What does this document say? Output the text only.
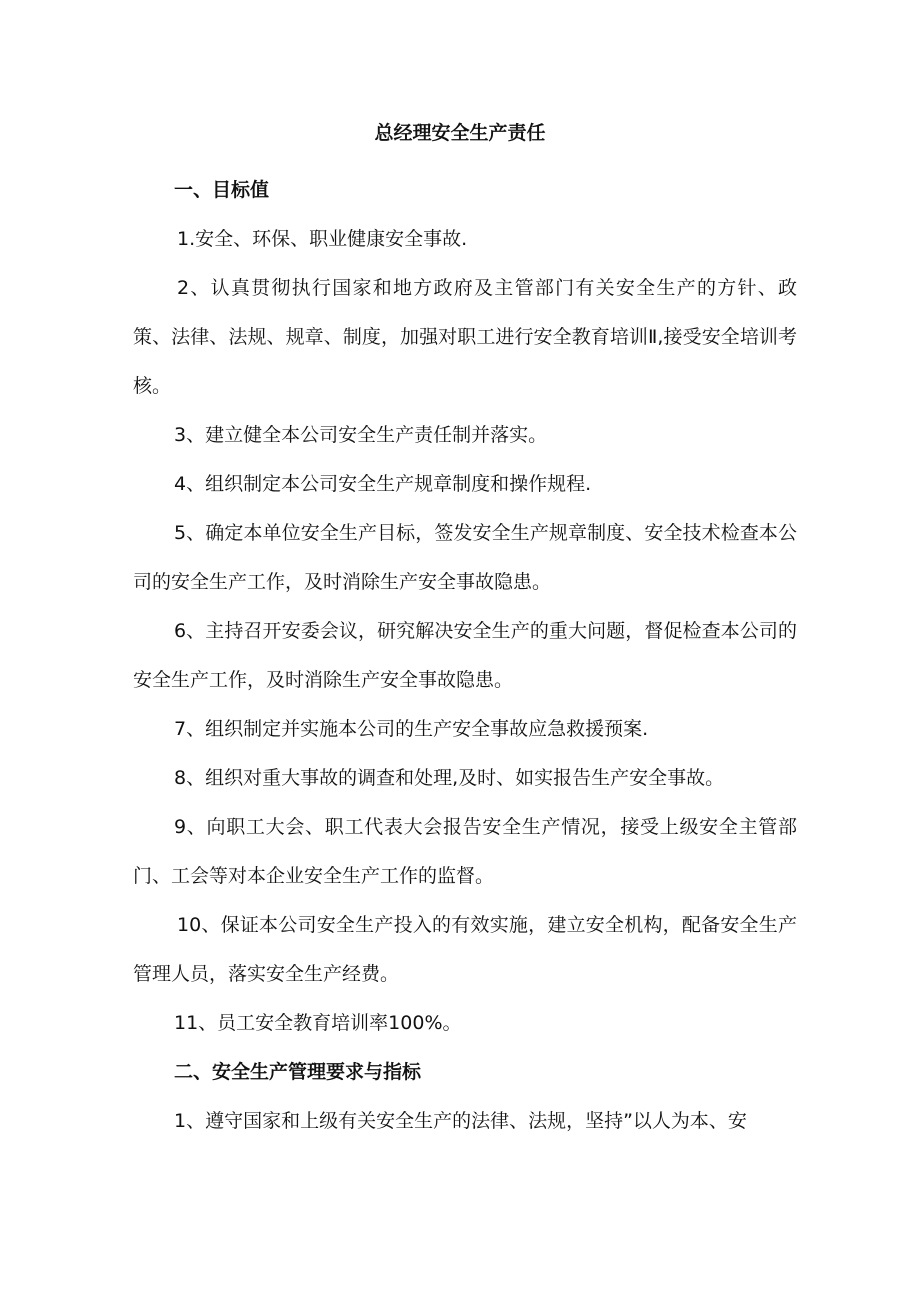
总经理安全生产责任

一、目标值

1.安全、环保、职业健康安全事故.

2、认真贯彻执行国家和地方政府及主管部门有关安全生产的方针、政策、法律、法规、规章、制度，加强对职工进行安全教育培训Ⅱ,接受安全培训考核。

3、建立健全本公司安全生产责任制并落实。

4、组织制定本公司安全生产规章制度和操作规程.

5、确定本单位安全生产目标，签发安全生产规章制度、安全技术检查本公司的安全生产工作，及时消除生产安全事故隐患。

6、主持召开安委会议，研究解决安全生产的重大问题，督促检查本公司的安全生产工作，及时消除生产安全事故隐患。

7、组织制定并实施本公司的生产安全事故应急救援预案.

8、组织对重大事故的调查和处理,及时、如实报告生产安全事故。

9、向职工大会、职工代表大会报告安全生产情况，接受上级安全主管部门、工会等对本企业安全生产工作的监督。

10、保证本公司安全生产投入的有效实施，建立安全机构，配备安全生产管理人员，落实安全生产经费。

11、员工安全教育培训率100%。

二、安全生产管理要求与指标

1、遵守国家和上级有关安全生产的法律、法规，坚持”以人为本、安
